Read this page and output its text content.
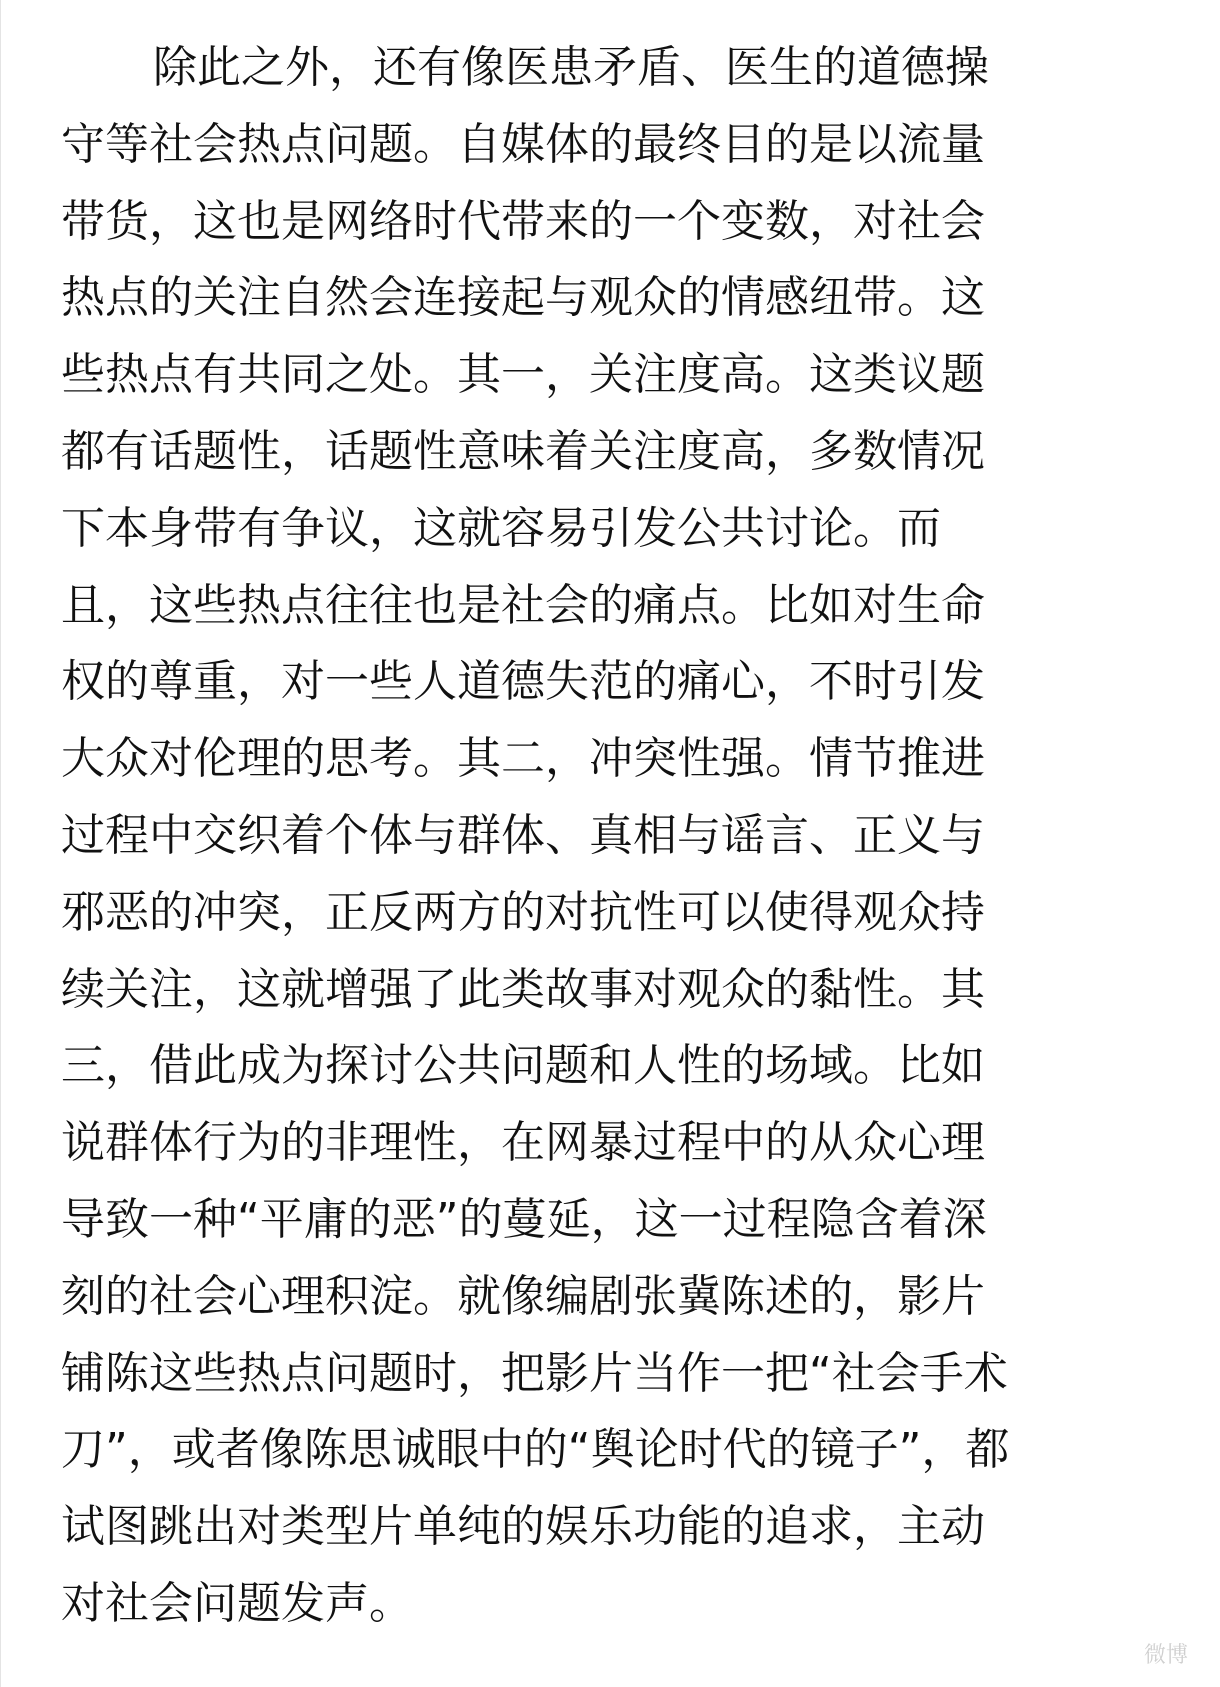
除此之外，还有像医患矛盾、医生的道德操
守等社会热点问题。自媒体的最终目的是以流量
带货，这也是网络时代带来的一个变数，对社会
热点的关注自然会连接起与观众的情感纽带。这
些热点有共同之处。其一，关注度高。这类议题
都有话题性，话题性意味着关注度高，多数情况
下本身带有争议，这就容易引发公共讨论。而
且，这些热点往往也是社会的痛点。比如对生命
权的尊重，对一些人道德失范的痛心，不时引发
大众对伦理的思考。其二，冲突性强。情节推进
过程中交织着个体与群体、真相与谣言、正义与
邪恶的冲突，正反两方的对抗性可以使得观众持
续关注，这就增强了此类故事对观众的黏性。其
三，借此成为探讨公共问题和人性的场域。比如
说群体行为的非理性，在网暴过程中的从众心理
导致一种“平庸的恶”的蔓延，这一过程隐含着深
刻的社会心理积淀。就像编剧张冀陈述的，影片
铺陈这些热点问题时，把影片当作一把“社会手术
刀”，或者像陈思诚眼中的“舆论时代的镜子”，都
试图跳出对类型片单纯的娱乐功能的追求，主动
对社会问题发声。
微博
